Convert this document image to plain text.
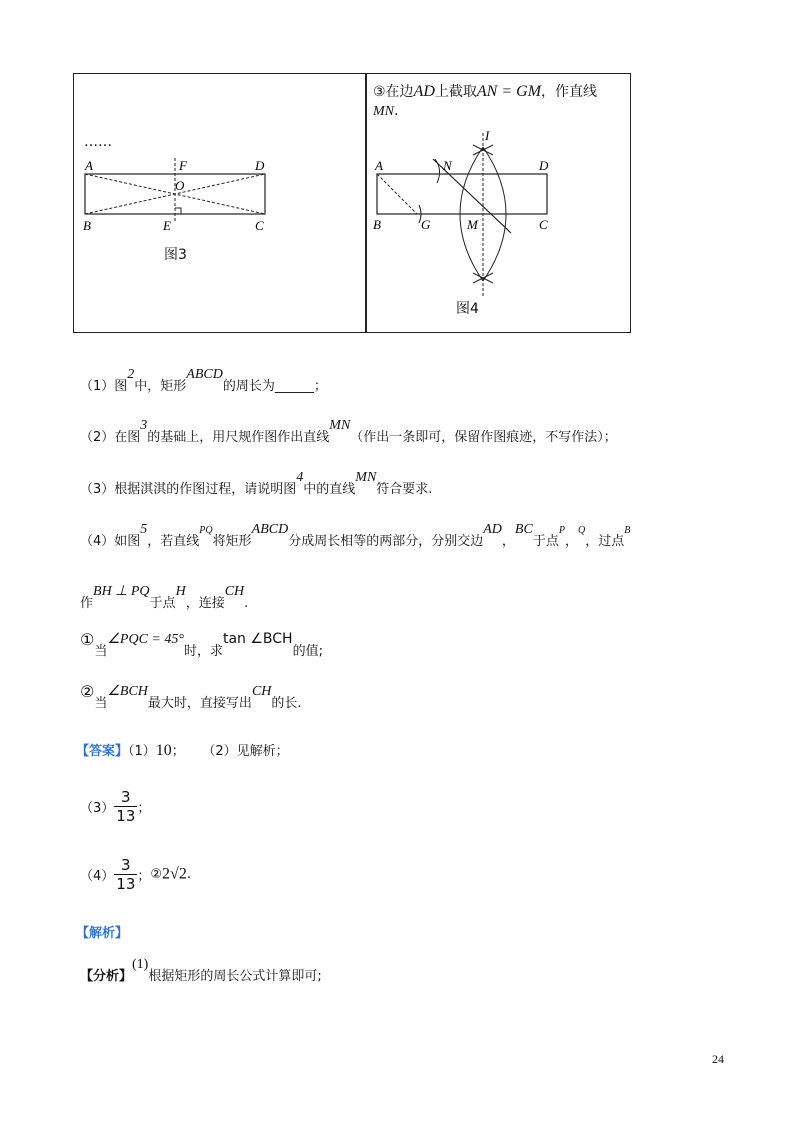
……
A	F	D
O
B	E	C
图3
③在边AD上截取AN = GM，作直线
MN.
I
A	N	D
B	G	M	C
图4
（1）图2中，矩形ABCD的周长为______；
（2）在图3的基础上，用尺规作图作出直线MN（作出一条即可，保留作图痕迹，不写作法）；
（3）根据淇淇的作图过程，请说明图4中的直线MN符合要求.
（4）如图5，若直线$^{PQ}$将矩形ABCD分成周长相等的两部分，分别交边AD，BC于点$^P$，$^Q$，过点$^B$
作BH ⊥ PQ于点H，连接CH.
①当∠PQC = 45°时，求tan ∠BCH的值;
②当∠BCH最大时，直接写出CH的长.
【答案】（1）10； （2）见解析；
$(3) \frac{3}{13}$ ；
$(4) \frac{3}{13}$ ；②2√2.
【解析】
【分析】(1)根据矩形的周长公式计算即可;
24
